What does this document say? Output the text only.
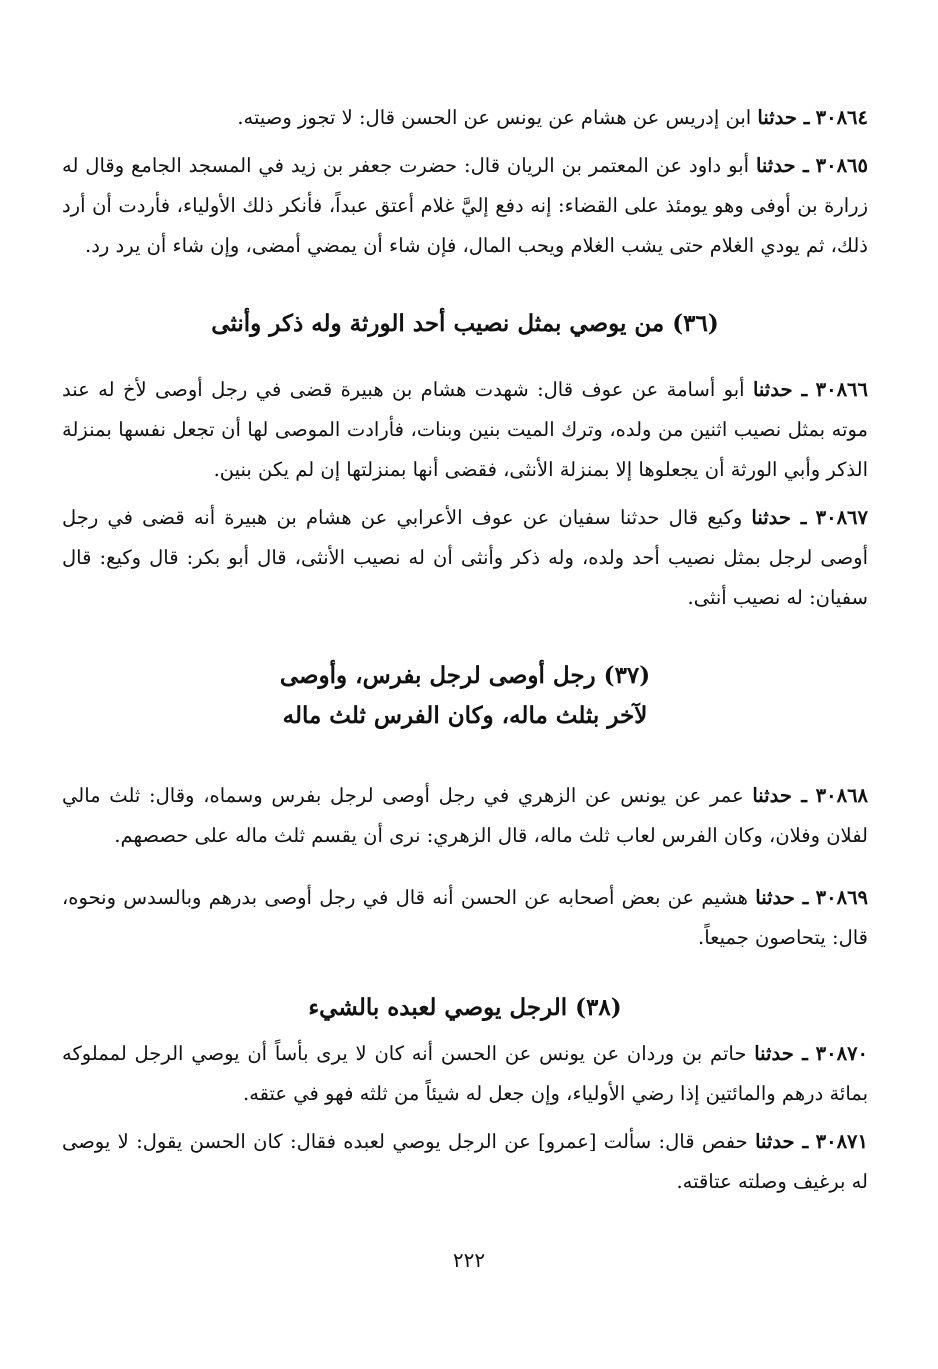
٣٠٨٦٤ ـ حدثنا ابن إدريس عن هشام عن يونس عن الحسن قال: لا تجوز وصيته.

٣٠٨٦٥ ـ حدثنا أبو داود عن المعتمر بن الريان قال: حضرت جعفر بن زيد في المسجد الجامع وقال له زرارة بن أوفى وهو يومئذ على القضاء: إنه دفع إليَّ غلام أعتق عبداً، فأنكر ذلك الأولياء، فأردت أن أرد ذلك، ثم يودي الغلام حتى يشب الغلام ويحب المال، فإن شاء أن يمضي أمضى، وإن شاء أن يرد رد.

(٣٦) من يوصي بمثل نصيب أحد الورثة وله ذكر وأنثى

٣٠٨٦٦ ـ حدثنا أبو أسامة عن عوف قال: شهدت هشام بن هبيرة قضى في رجل أوصى لأخ له عند موته بمثل نصيب اثنين من ولده، وترك الميت بنين وبنات، فأرادت الموصى لها أن تجعل نفسها بمنزلة الذكر وأبي الورثة أن يجعلوها إلا بمنزلة الأنثى، فقضى أنها بمنزلتها إن لم يكن بنين.

٣٠٨٦٧ ـ حدثنا وكيع قال حدثنا سفيان عن عوف الأعرابي عن هشام بن هبيرة أنه قضى في رجل أوصى لرجل بمثل نصيب أحد ولده، وله ذكر وأنثى أن له نصيب الأنثى، قال أبو بكر: قال وكيع: قال سفيان: له نصيب أنثى.

(٣٧) رجل أوصى لرجل بفرس، وأوصى

لآخر بثلث ماله، وكان الفرس ثلث ماله

٣٠٨٦٨ ـ حدثنا عمر عن يونس عن الزهري في رجل أوصى لرجل بفرس وسماه، وقال: ثلث مالي لفلان وفلان، وكان الفرس لعاب ثلث ماله، قال الزهري: نرى أن يقسم ثلث ماله على حصصهم.

٣٠٨٦٩ ـ حدثنا هشيم عن بعض أصحابه عن الحسن أنه قال في رجل أوصى بدرهم وبالسدس ونحوه، قال: يتحاصون جميعاً.

(٣٨) الرجل يوصي لعبده بالشيء

٣٠٨٧٠ ـ حدثنا حاتم بن وردان عن يونس عن الحسن أنه كان لا يرى بأساً أن يوصي الرجل لمملوكه بمائة درهم والمائتين إذا رضي الأولياء، وإن جعل له شيئاً من ثلثه فهو في عتقه.

٣٠٨٧١ ـ حدثنا حفص قال: سألت [عمرو] عن الرجل يوصي لعبده فقال: كان الحسن يقول: لا يوصى له برغيف وصلته عتاقته.

٢٢٢
